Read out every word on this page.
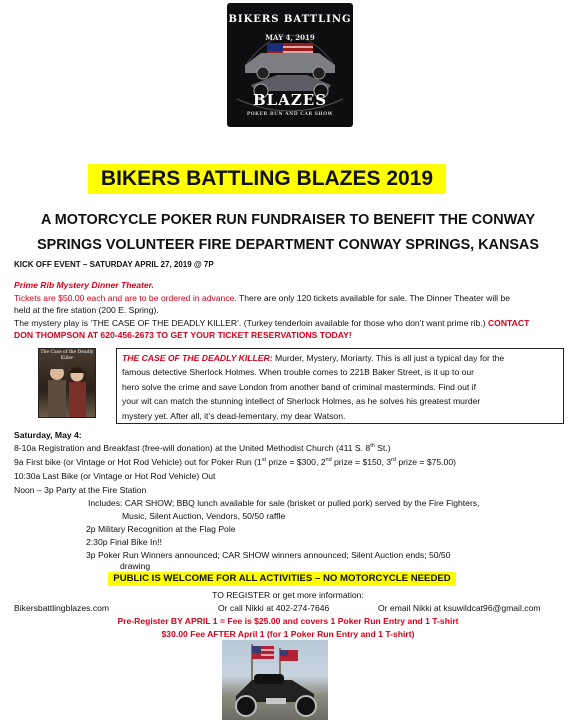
BIKERS BATTLING
MAY 4, 2019
BLAZES
POKER RUN AND CAR SHOW
BIKERS BATTLING BLAZES 2019
A MOTORCYCLE POKER RUN FUNDRAISER TO BENEFIT THE CONWAY
SPRINGS VOLUNTEER FIRE DEPARTMENT CONWAY SPRINGS, KANSAS
KICK OFF EVENT – SATURDAY APRIL 27, 2019 @ 7P
Prime Rib Mystery Dinner Theater.
Tickets are $50.00 each and are to be ordered in advance. There are only 120 tickets available for sale. The Dinner Theater will be
held at the fire station (200 E. Spring).
The mystery play is ‘THE CASE OF THE DEADLY KILLER’. (Turkey tenderloin available for those who don’t want prime rib.) CONTACT
DON THOMPSON AT 620-456-2673 TO GET YOUR TICKET RESERVATIONS TODAY!
The Case of the Deadly Killer	THE CASE OF THE DEADLY KILLER: Murder, Mystery, Moriarty. This is all just a typical day for the
famous detective Sherlock Holmes. When trouble comes to 221B Baker Street, is it up to our
hero solve the crime and save London from another band of criminal masterminds. Find out if
your wit can match the stunning intellect of Sherlock Holmes, as he solves his greatest murder
mystery yet. After all, it’s dead-lementary, my dear Watson.
Saturday, May 4:
8-10a Registration and Breakfast (free-will donation) at the United Methodist Church (411 S. 8th St.)
9a First bike (or Vintage or Hot Rod Vehicle) out for Poker Run (1st prize = $300, 2nd prize = $150, 3rd prize = $75.00)
10:30a Last Bike (or Vintage or Hot Rod Vehicle) Out
Noon – 3p Party at the Fire Station
Includes: CAR SHOW; BBQ lunch available for sale (brisket or pulled pork) served by the Fire Fighters,
Music, Silent Auction, Vendors, 50/50 raffle
2p Military Recognition at the Flag Pole
2:30p Final Bike In!!
3p Poker Run Winners announced; CAR SHOW winners announced; Silent Auction ends; 50/50
drawing
PUBLIC IS WELCOME FOR ALL ACTIVITIES – NO MOTORCYCLE NEEDED
TO REGISTER or get more information:
Bikersbattlingblazes.com	Or call Nikki at 402-274-7646	Or email Nikki at ksuwildcat96@gmail.com
Pre-Register BY APRIL 1 = Fee is $25.00 and covers 1 Poker Run Entry and 1 T-shirt
$30.00 Fee AFTER April 1 (for 1 Poker Run Entry and 1 T-shirt)
